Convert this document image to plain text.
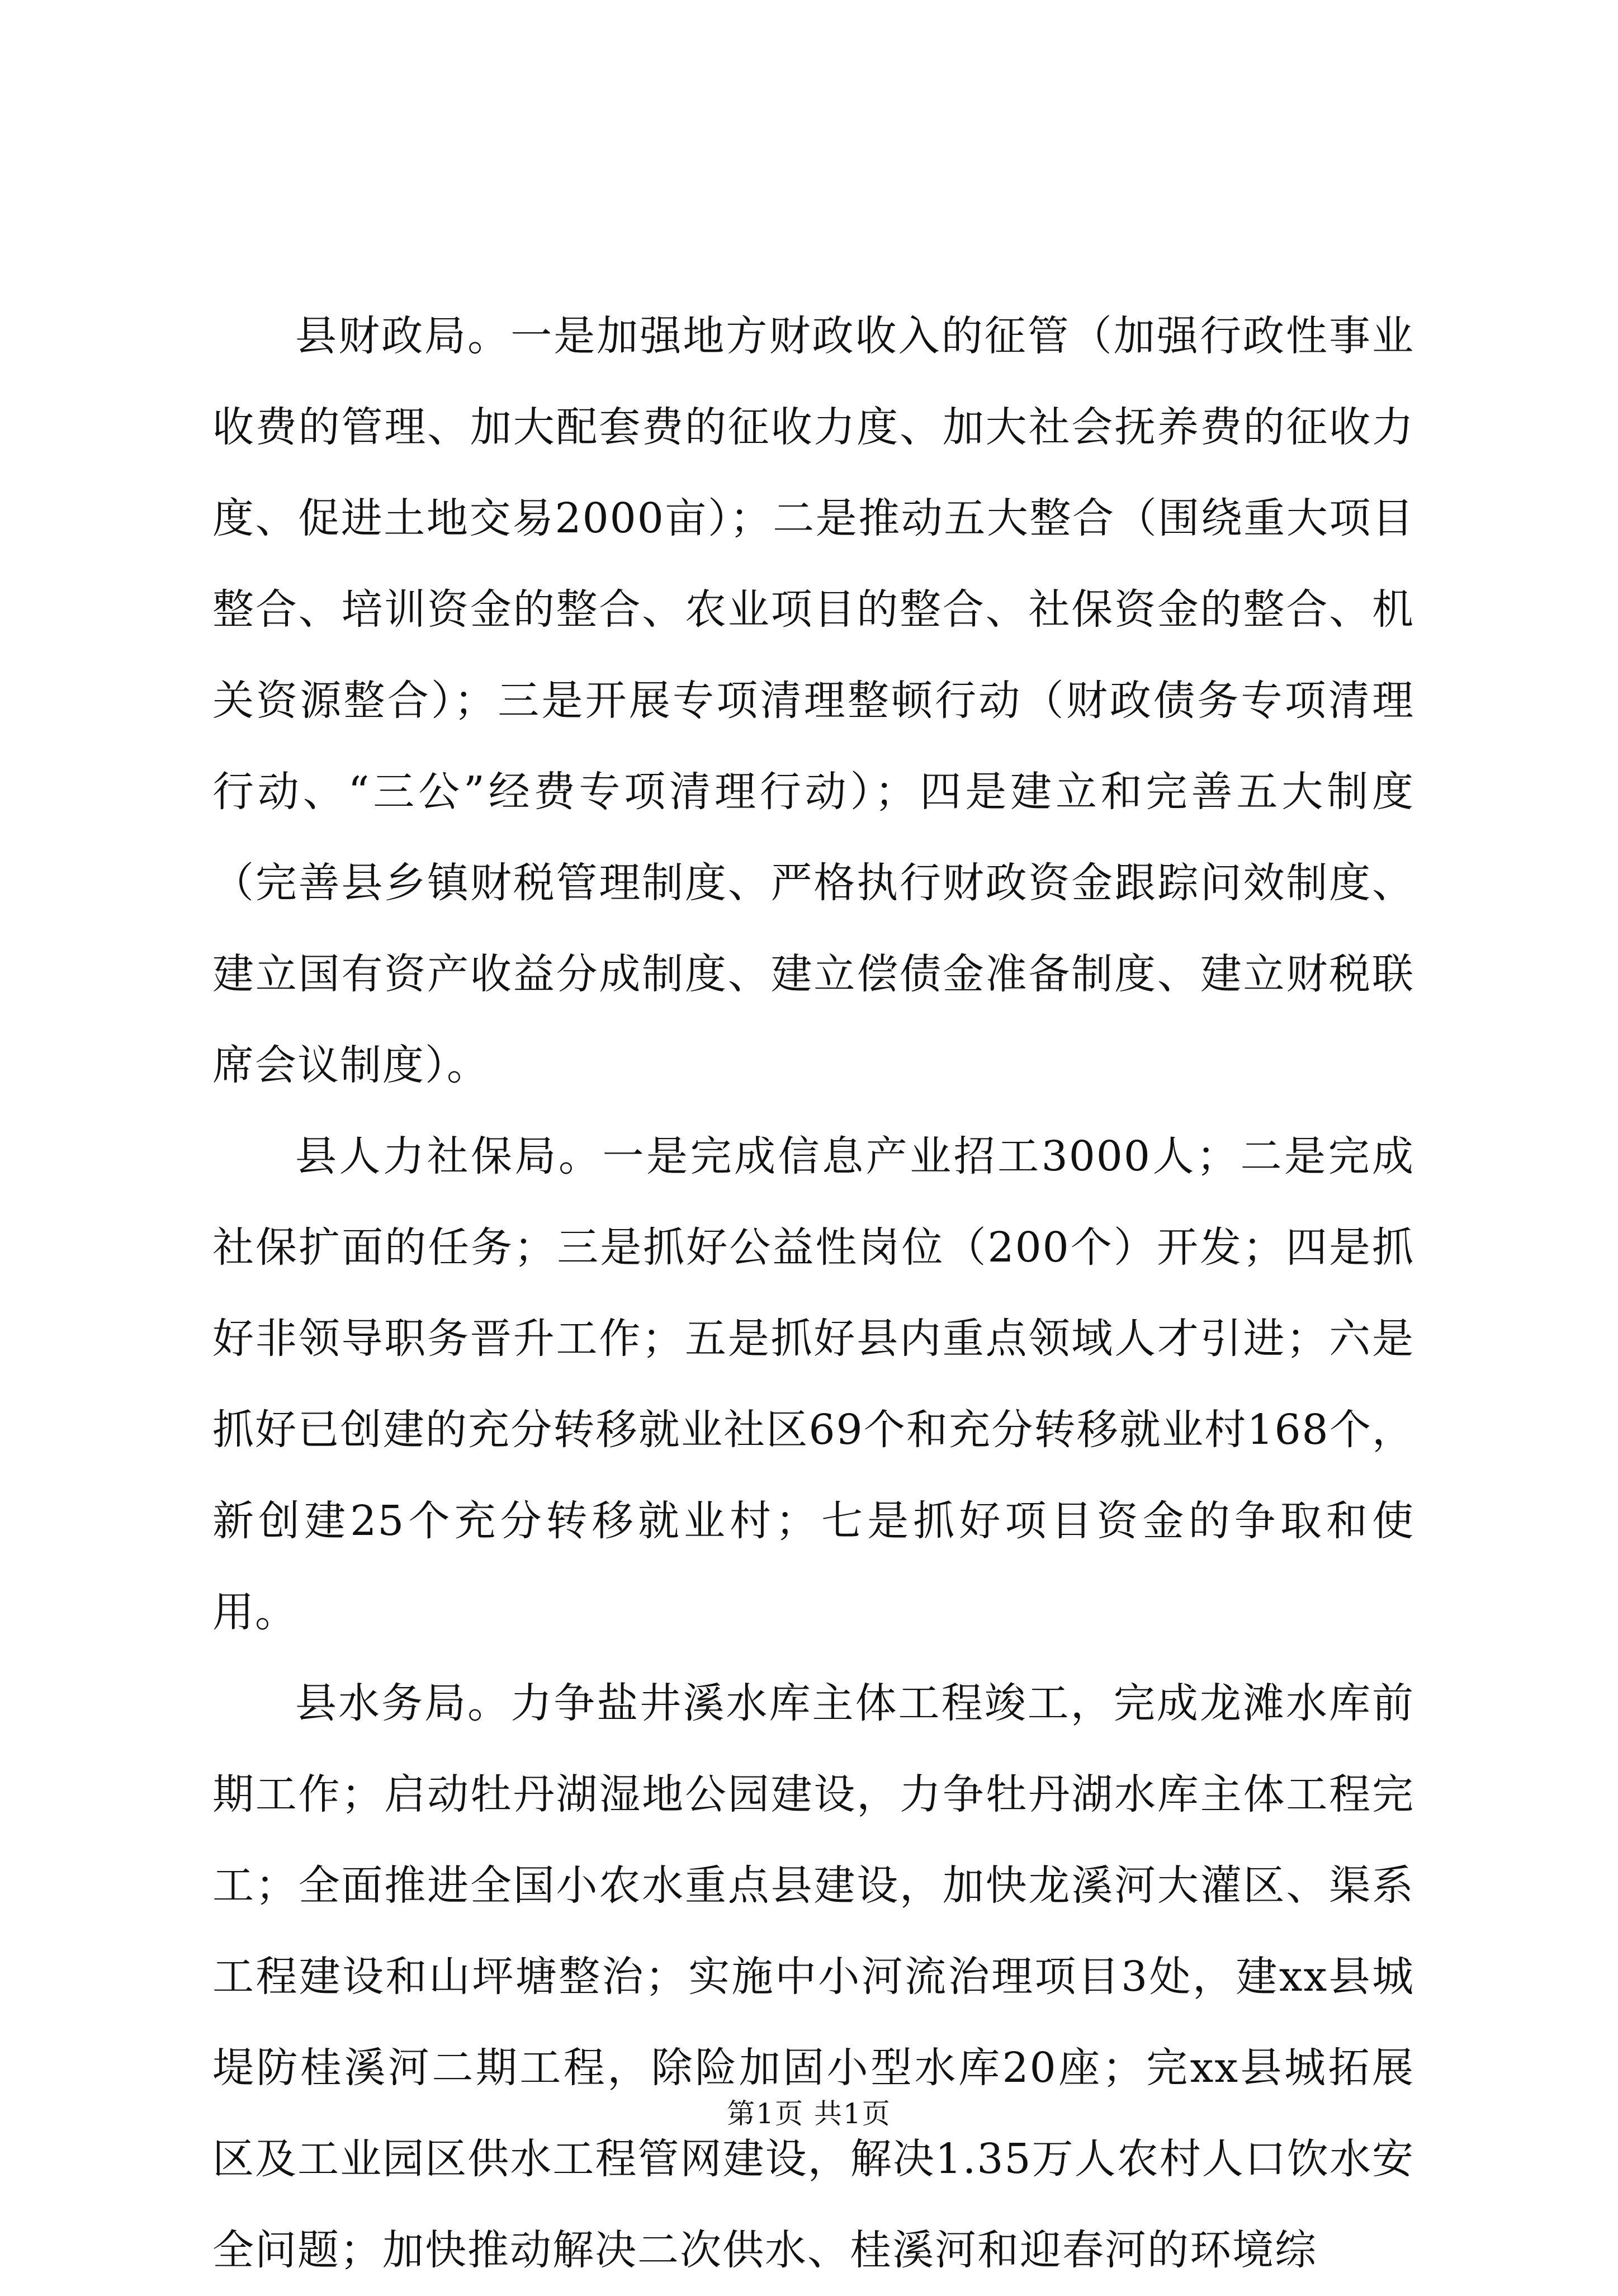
县财政局。一是加强地方财政收入的征管（加强行政性事业收费的管理、加大配套费的征收力度、加大社会抚养费的征收力度、促进土地交易2000亩）；二是推动五大整合（围绕重大项目整合、培训资金的整合、农业项目的整合、社保资金的整合、机关资源整合）；三是开展专项清理整顿行动（财政债务专项清理行动、“三公”经费专项清理行动）；四是建立和完善五大制度（完善县乡镇财税管理制度、严格执行财政资金跟踪问效制度、建立国有资产收益分成制度、建立偿债金准备制度、建立财税联席会议制度）。

县人力社保局。一是完成信息产业招工3000人；二是完成社保扩面的任务；三是抓好公益性岗位（200个）开发；四是抓好非领导职务晋升工作；五是抓好县内重点领域人才引进；六是抓好已创建的充分转移就业社区69个和充分转移就业村168个，新创建25个充分转移就业村；七是抓好项目资金的争取和使用。

县水务局。力争盐井溪水库主体工程竣工，完成龙滩水库前期工作；启动牡丹湖湿地公园建设，力争牡丹湖水库主体工程完工；全面推进全国小农水重点县建设，加快龙溪河大灌区、渠系工程建设和山坪塘整治；实施中小河流治理项目3处，建xx县城堤防桂溪河二期工程，除险加固小型水库20座；完xx县城拓展区及工业园区供水工程管网建设，解决1.35万人农村人口饮水安全问题；加快推动解决二次供水、桂溪河和迎春河的环境综

第1页 共1页
